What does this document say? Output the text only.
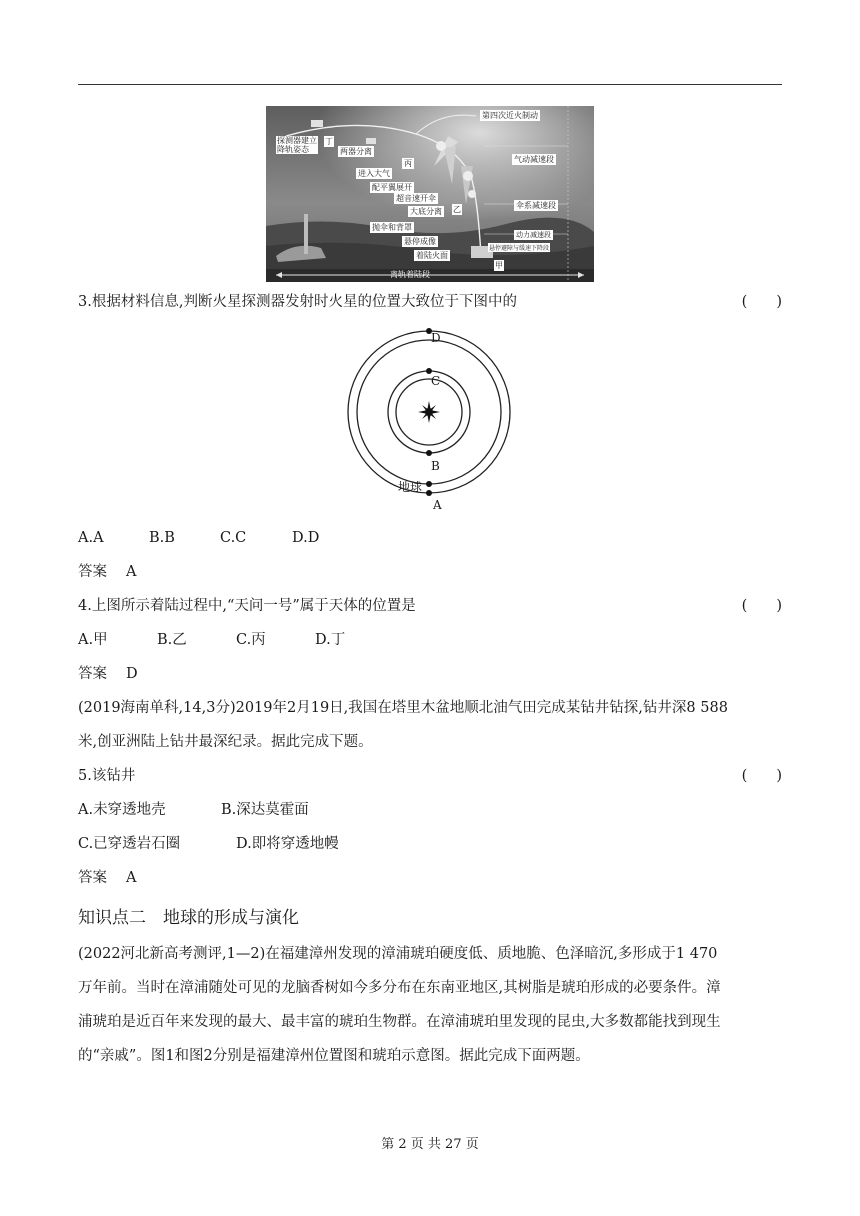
第四次近火制动
探测器建立
降轨姿态
丁
两器分离
丙
进入大气
气动减速段
配平翼展开
超音速开伞
大底分离 乙	伞系减速段
抛伞和背罩
动力减速段
悬停成像
悬停避障与缓速下降段
着陆火面
甲
离轨着陆段
3.根据材料信息,判断火星探测器发射时火星的位置大致位于下图中的	(　　)
D
C
B
地球
A
A.A	B.B	C.C	D.D
答案 A
4.上图所示着陆过程中,“天问一号”属于天体的位置是	(　　)
A.甲	B.乙	C.丙	D.丁
答案 D
(2019海南单科,14,3分)2019年2月19日,我国在塔里木盆地顺北油气田完成某钻井钻探,钻井深8 588
米,创亚洲陆上钻井最深纪录。据此完成下题。
5.该钻井	(　　)
A.未穿透地壳	B.深达莫霍面
C.已穿透岩石圈	D.即将穿透地幔
答案 A
知识点二　地球的形成与演化
(2022河北新高考测评,1—2)在福建漳州发现的漳浦琥珀硬度低、质地脆、色泽暗沉,多形成于1 470
万年前。当时在漳浦随处可见的龙脑香树如今多分布在东南亚地区,其树脂是琥珀形成的必要条件。漳
浦琥珀是近百年来发现的最大、最丰富的琥珀生物群。在漳浦琥珀里发现的昆虫,大多数都能找到现生
的“亲戚”。图1和图2分别是福建漳州位置图和琥珀示意图。据此完成下面两题。
第 2 页 共 27 页
